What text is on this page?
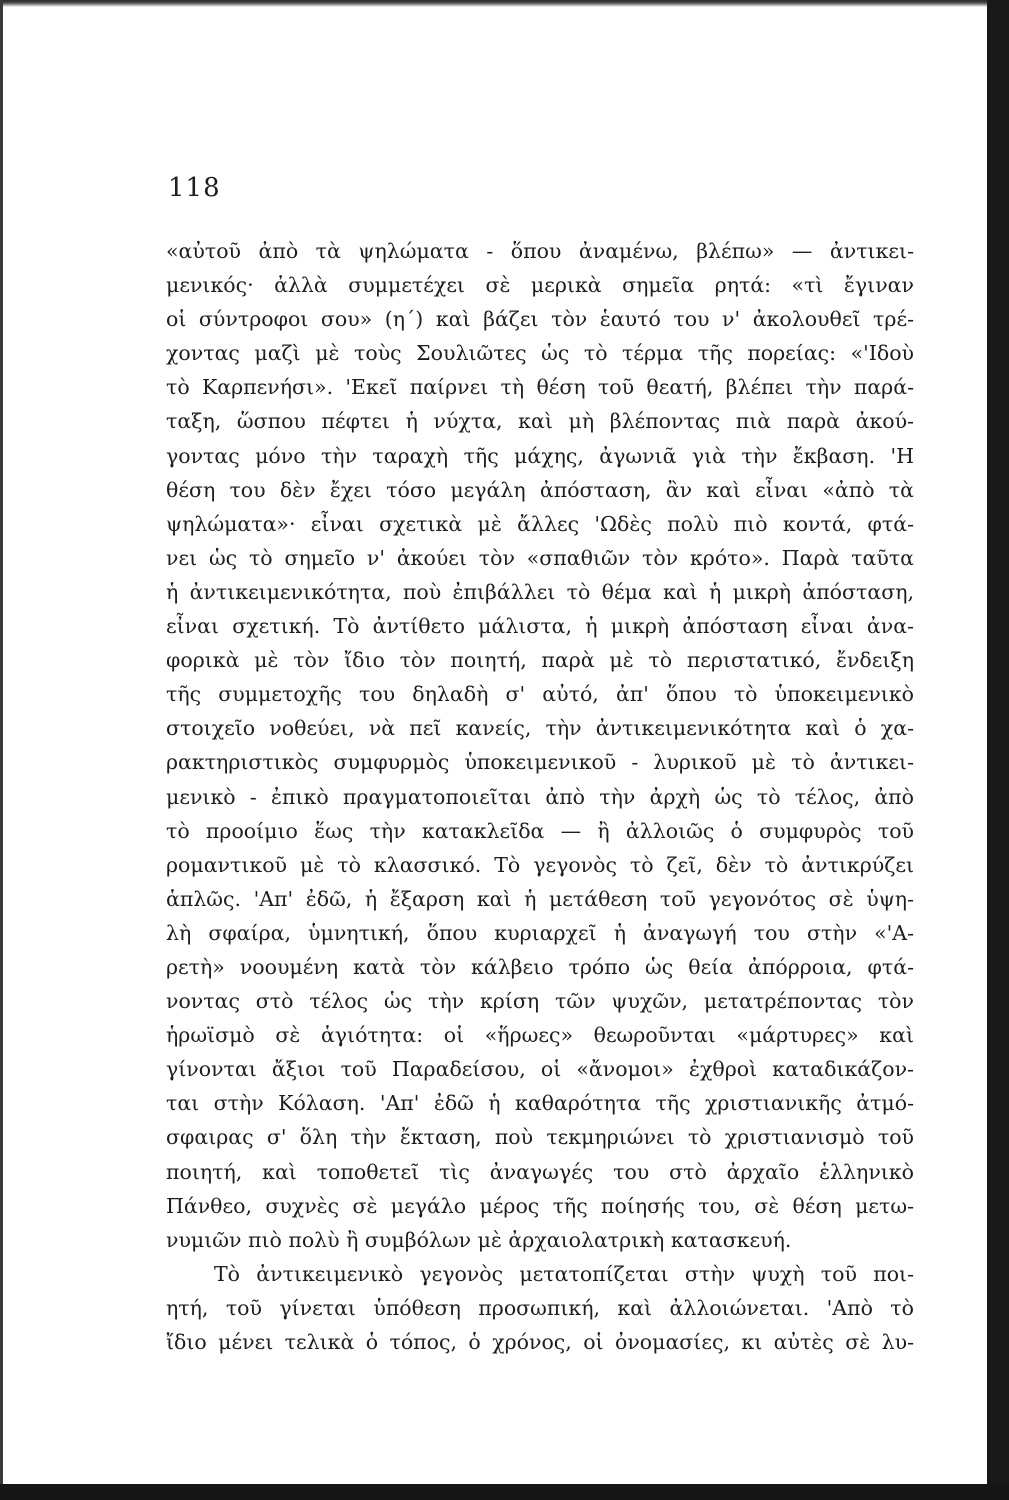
118
«αὐτοῦ ἀπὸ τὰ ψηλώματα - ὅπου ἀναμένω, βλέπω» — ἀντικει-
μενικός· ἀλλὰ συμμετέχει σὲ μερικὰ σημεῖα ρητά: «τὶ ἔγιναν
οἱ σύντροφοι σου» (η΄) καὶ βάζει τὸν ἑαυτό του ν' ἀκολουθεῖ τρέ-
χοντας μαζὶ μὲ τοὺς Σουλιῶτες ὡς τὸ τέρμα τῆς πορείας: «'Ιδοὺ
τὸ Καρπενήσι». 'Εκεῖ παίρνει τὴ θέση τοῦ θεατή, βλέπει τὴν παρά-
ταξη, ὥσπου πέφτει ἡ νύχτα, καὶ μὴ βλέποντας πιὰ παρὰ ἀκού-
γοντας μόνο τὴν ταραχὴ τῆς μάχης, ἀγωνιᾶ γιὰ τὴν ἔκβαση. 'Η
θέση του δὲν ἔχει τόσο μεγάλη ἀπόσταση, ἂν καὶ εἶναι «ἀπὸ τὰ
ψηλώματα»· εἶναι σχετικὰ μὲ ἄλλες 'Ωδὲς πολὺ πιὸ κοντά, φτά-
νει ὡς τὸ σημεῖο ν' ἀκούει τὸν «σπαθιῶν τὸν κρότο». Παρὰ ταῦτα
ἡ ἀντικειμενικότητα, ποὺ ἐπιβάλλει τὸ θέμα καὶ ἡ μικρὴ ἀπόσταση,
εἶναι σχετική. Τὸ ἀντίθετο μάλιστα, ἡ μικρὴ ἀπόσταση εἶναι ἀνα-
φορικὰ μὲ τὸν ἴδιο τὸν ποιητή, παρὰ μὲ τὸ περιστατικό, ἔνδειξη
τῆς συμμετοχῆς του δηλαδὴ σ' αὐτό, ἀπ' ὅπου τὸ ὑποκειμενικὸ
στοιχεῖο νοθεύει, νὰ πεῖ κανείς, τὴν ἀντικειμενικότητα καὶ ὁ χα-
ρακτηριστικὸς συμφυρμὸς ὑποκειμενικοῦ - λυρικοῦ μὲ τὸ ἀντικει-
μενικὸ - ἐπικὸ πραγματοποιεῖται ἀπὸ τὴν ἀρχὴ ὡς τὸ τέλος, ἀπὸ
τὸ προοίμιο ἕως τὴν κατακλεῖδα — ἢ ἀλλοιῶς ὁ συμφυρὸς τοῦ
ρομαντικοῦ μὲ τὸ κλασσικό. Τὸ γεγονὸς τὸ ζεῖ, δὲν τὸ ἀντικρύζει
ἁπλῶς. 'Απ' ἐδῶ, ἡ ἔξαρση καὶ ἡ μετάθεση τοῦ γεγονότος σὲ ὑψη-
λὴ σφαίρα, ὑμνητική, ὅπου κυριαρχεῖ ἡ ἀναγωγή του στὴν «'Α-
ρετὴ» νοουμένη κατὰ τὸν κάλβειο τρόπο ὡς θεία ἀπόρροια, φτά-
νοντας στὸ τέλος ὡς τὴν κρίση τῶν ψυχῶν, μετατρέποντας τὸν
ἡρωϊσμὸ σὲ ἁγιότητα: οἱ «ἥρωες» θεωροῦνται «μάρτυρες» καὶ
γίνονται ἄξιοι τοῦ Παραδείσου, οἱ «ἄνομοι» ἐχθροὶ καταδικάζον-
ται στὴν Κόλαση. 'Απ' ἐδῶ ἡ καθαρότητα τῆς χριστιανικῆς ἀτμό-
σφαιρας σ' ὅλη τὴν ἔκταση, ποὺ τεκμηριώνει τὸ χριστιανισμὸ τοῦ
ποιητή, καὶ τοποθετεῖ τὶς ἀναγωγές του στὸ ἀρχαῖο ἑλληνικὸ
Πάνθεο, συχνὲς σὲ μεγάλο μέρος τῆς ποίησής του, σὲ θέση μετω-
νυμιῶν πιὸ πολὺ ἢ συμβόλων μὲ ἀρχαιολατρικὴ κατασκευή.
Τὸ ἀντικειμενικὸ γεγονὸς μετατοπίζεται στὴν ψυχὴ τοῦ ποι-
ητή, τοῦ γίνεται ὑπόθεση προσωπική, καὶ ἀλλοιώνεται. 'Απὸ τὸ
ἴδιο μένει τελικὰ ὁ τόπος, ὁ χρόνος, οἱ ὀνομασίες, κι αὐτὲς σὲ λυ-
